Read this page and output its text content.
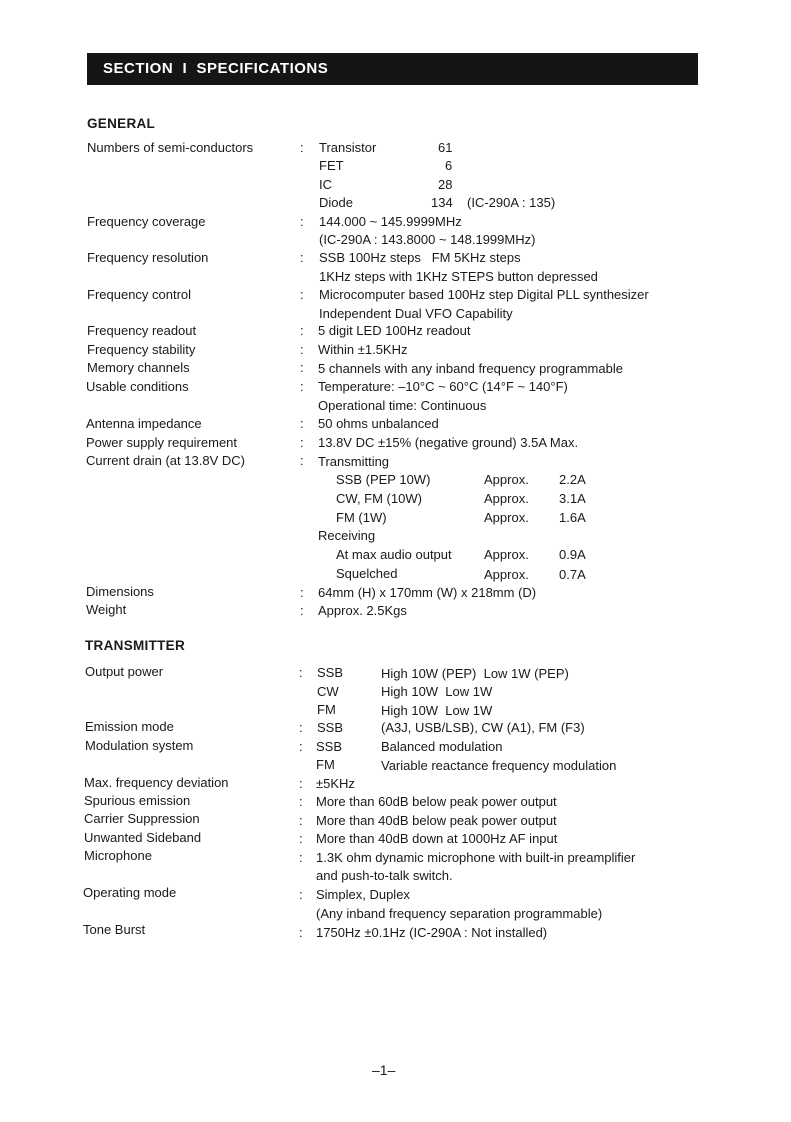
SECTION  I  SPECIFICATIONS
GENERAL
Numbers of semi-conductors	: Transistor	61
FET	6
IC	28
Diode	134 (IC-290A : 135)
Frequency coverage	: 144.000 ~ 145.9999MHz
(IC-290A : 143.8000 ~ 148.1999MHz)
Frequency resolution	: SSB 100Hz steps   FM 5KHz steps
1KHz steps with 1KHz STEPS button depressed
Frequency control	: Microcomputer based 100Hz step Digital PLL synthesizer
Independent Dual VFO Capability
Frequency readout	: 5 digit LED 100Hz readout
Frequency stability	: Within ±1.5KHz
Memory channels	: 5 channels with any inband frequency programmable
Usable conditions	: Temperature: –10°C ~ 60°C (14°F ~ 140°F)
Operational time: Continuous
Antenna impedance	: 50 ohms unbalanced
Power supply requirement	: 13.8V DC ±15% (negative ground) 3.5A Max.
Current drain (at 13.8V DC)	: Transmitting
SSB (PEP 10W)	Approx. 2.2A
CW, FM (10W)	Approx. 3.1A
FM (1W)	Approx. 1.6A
Receiving
At max audio output Approx. 0.9A
Squelched	Approx. 0.7A
Dimensions	: 64mm (H) x 170mm (W) x 218mm (D)
Weight	: Approx. 2.5Kgs
TRANSMITTER
Output power	: SSB	High 10W (PEP)  Low 1W (PEP)
CW	High 10W  Low 1W
FM	High 10W  Low 1W
Emission mode	: SSB	(A3J, USB/LSB), CW (A1), FM (F3)
Modulation system	: SSB	Balanced modulation
FM	Variable reactance frequency modulation
Max. frequency deviation	: ±5KHz
Spurious emission	: More than 60dB below peak power output
Carrier Suppression	: More than 40dB below peak power output
Unwanted Sideband	: More than 40dB down at 1000Hz AF input
Microphone	: 1.3K ohm dynamic microphone with built-in preamplifier
and push-to-talk switch.
Operating mode	: Simplex, Duplex
(Any inband frequency separation programmable)
Tone Burst	: 1750Hz ±0.1Hz (IC-290A : Not installed)
–1–
